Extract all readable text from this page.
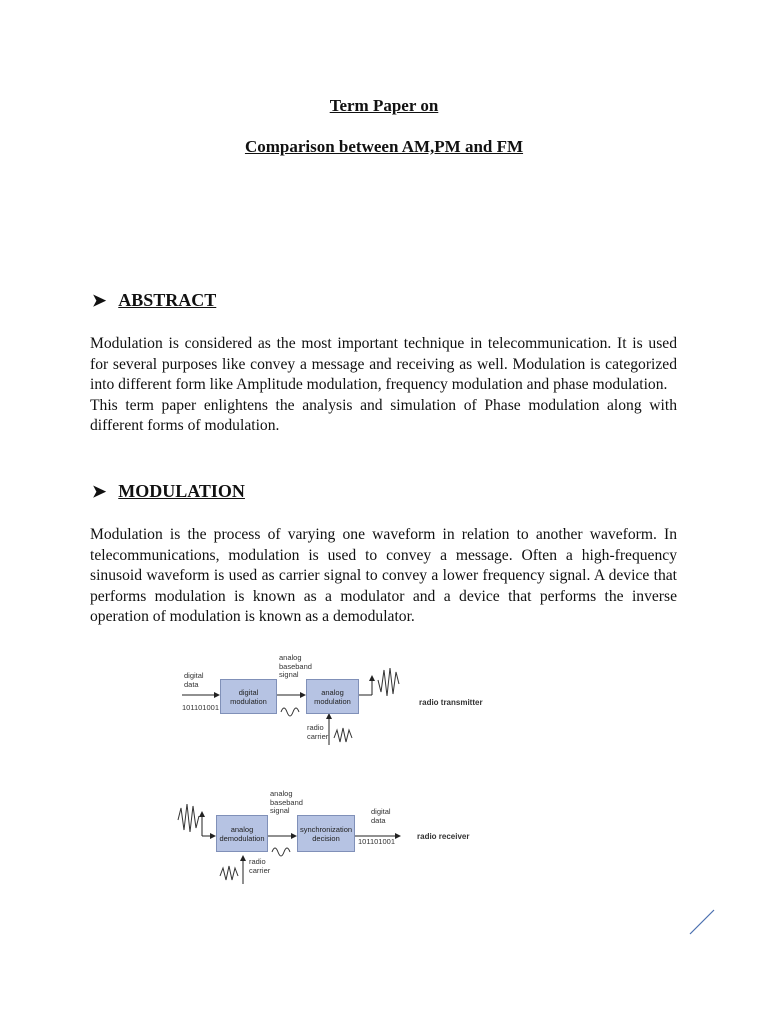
Term Paper on
Comparison between AM,PM and FM
➤ ABSTRACT

Modulation is considered as the most important technique in telecommunication. It is used for several purposes like convey a message and receiving as well. Modulation is categorized into different form like Amplitude modulation, frequency modulation and phase modulation.

This term paper enlightens the analysis and simulation of Phase modulation along with different forms of modulation.

➤ MODULATION

Modulation is the process of varying one waveform in relation to another waveform. In telecommunications, modulation is used to convey a message. Often a high-frequency sinusoid waveform is used as carrier signal to convey a lower frequency signal. A device that performs modulation is known as a modulator and a device that performs the inverse operation of modulation is known as a demodulator.

digital
data
101101001
digital
modulation
analog
baseband
signal
analog
modulation
radio
carrier
radio transmitter
analog
demodulation
analog
baseband
signal
synchronization
decision
digital
data
101101001
radio receiver
radio
carrier
